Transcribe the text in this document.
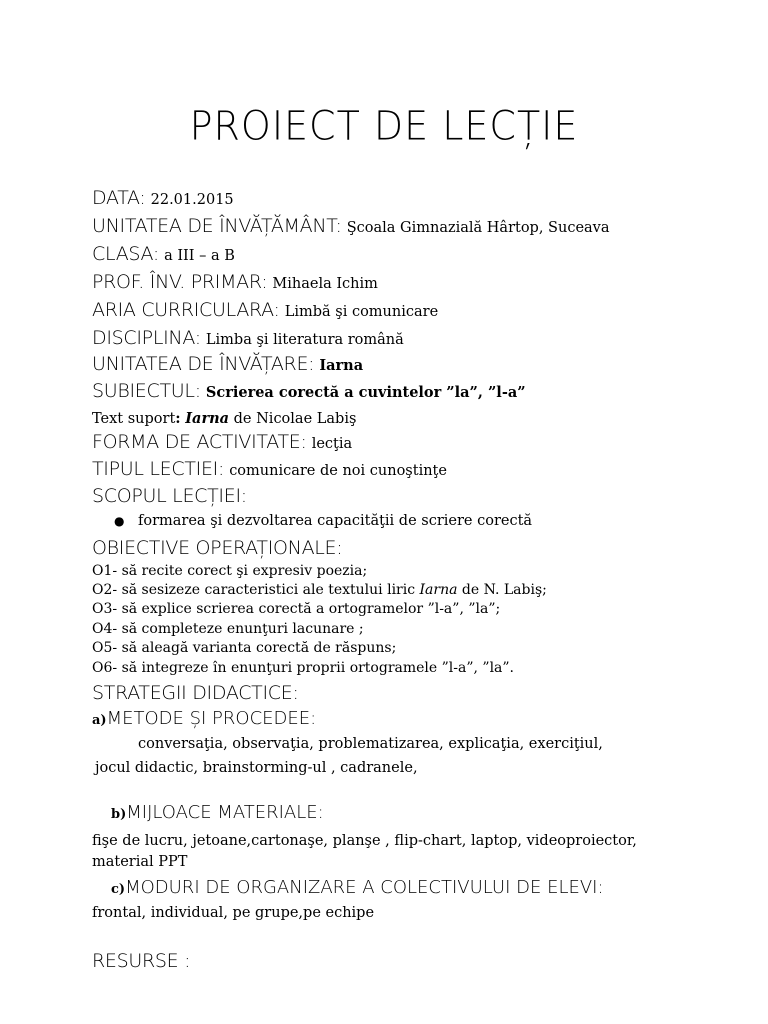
PROIECT DE LECȚIE
DATA: 22.01.2015
UNITATEA DE ÎNVĂȚĂMÂNT: Şcoala Gimnazială Hârtop, Suceava
CLASA: a III – a B
PROF. ÎNV. PRIMAR: Mihaela Ichim
ARIA CURRICULARA: Limbă şi comunicare
DISCIPLINA: Limba şi literatura română
UNITATEA DE ÎNVĂȚARE: Iarna
SUBIECTUL: Scrierea corectă a cuvintelor ”la”, ”l-a”
Text suport: Iarna de Nicolae Labiş
FORMA DE ACTIVITATE: lecţia
TIPUL LECTIEI: comunicare de noi cunoştinţe
SCOPUL LECȚIEI:
● formarea şi dezvoltarea capacităţii de scriere corectă
OBIECTIVE OPERAȚIONALE:
O1- să recite corect şi expresiv poezia;
O2- să sesizeze caracteristici ale textului liric Iarna de N. Labiş;
O3- să explice scrierea corectă a ortogramelor ”l-a”, ”la”;
O4- să completeze enunţuri lacunare ;
O5- să aleagă varianta corectă de răspuns;
O6- să integreze în enunţuri proprii ortogramele ”l-a”, ”la”.
STRATEGII DIDACTICE:
a)METODE ȘI PROCEDEE:
conversaţia, observaţia, problematizarea, explicaţia, exerciţiul,
jocul didactic, brainstorming-ul , cadranele,
b)MIJLOACE MATERIALE:
fişe de lucru, jetoane,cartonaşe, planşe , flip-chart, laptop, videoproiector,
material PPT
c)MODURI DE ORGANIZARE A COLECTIVULUI DE ELEVI:
frontal, individual, pe grupe,pe echipe
RESURSE :
